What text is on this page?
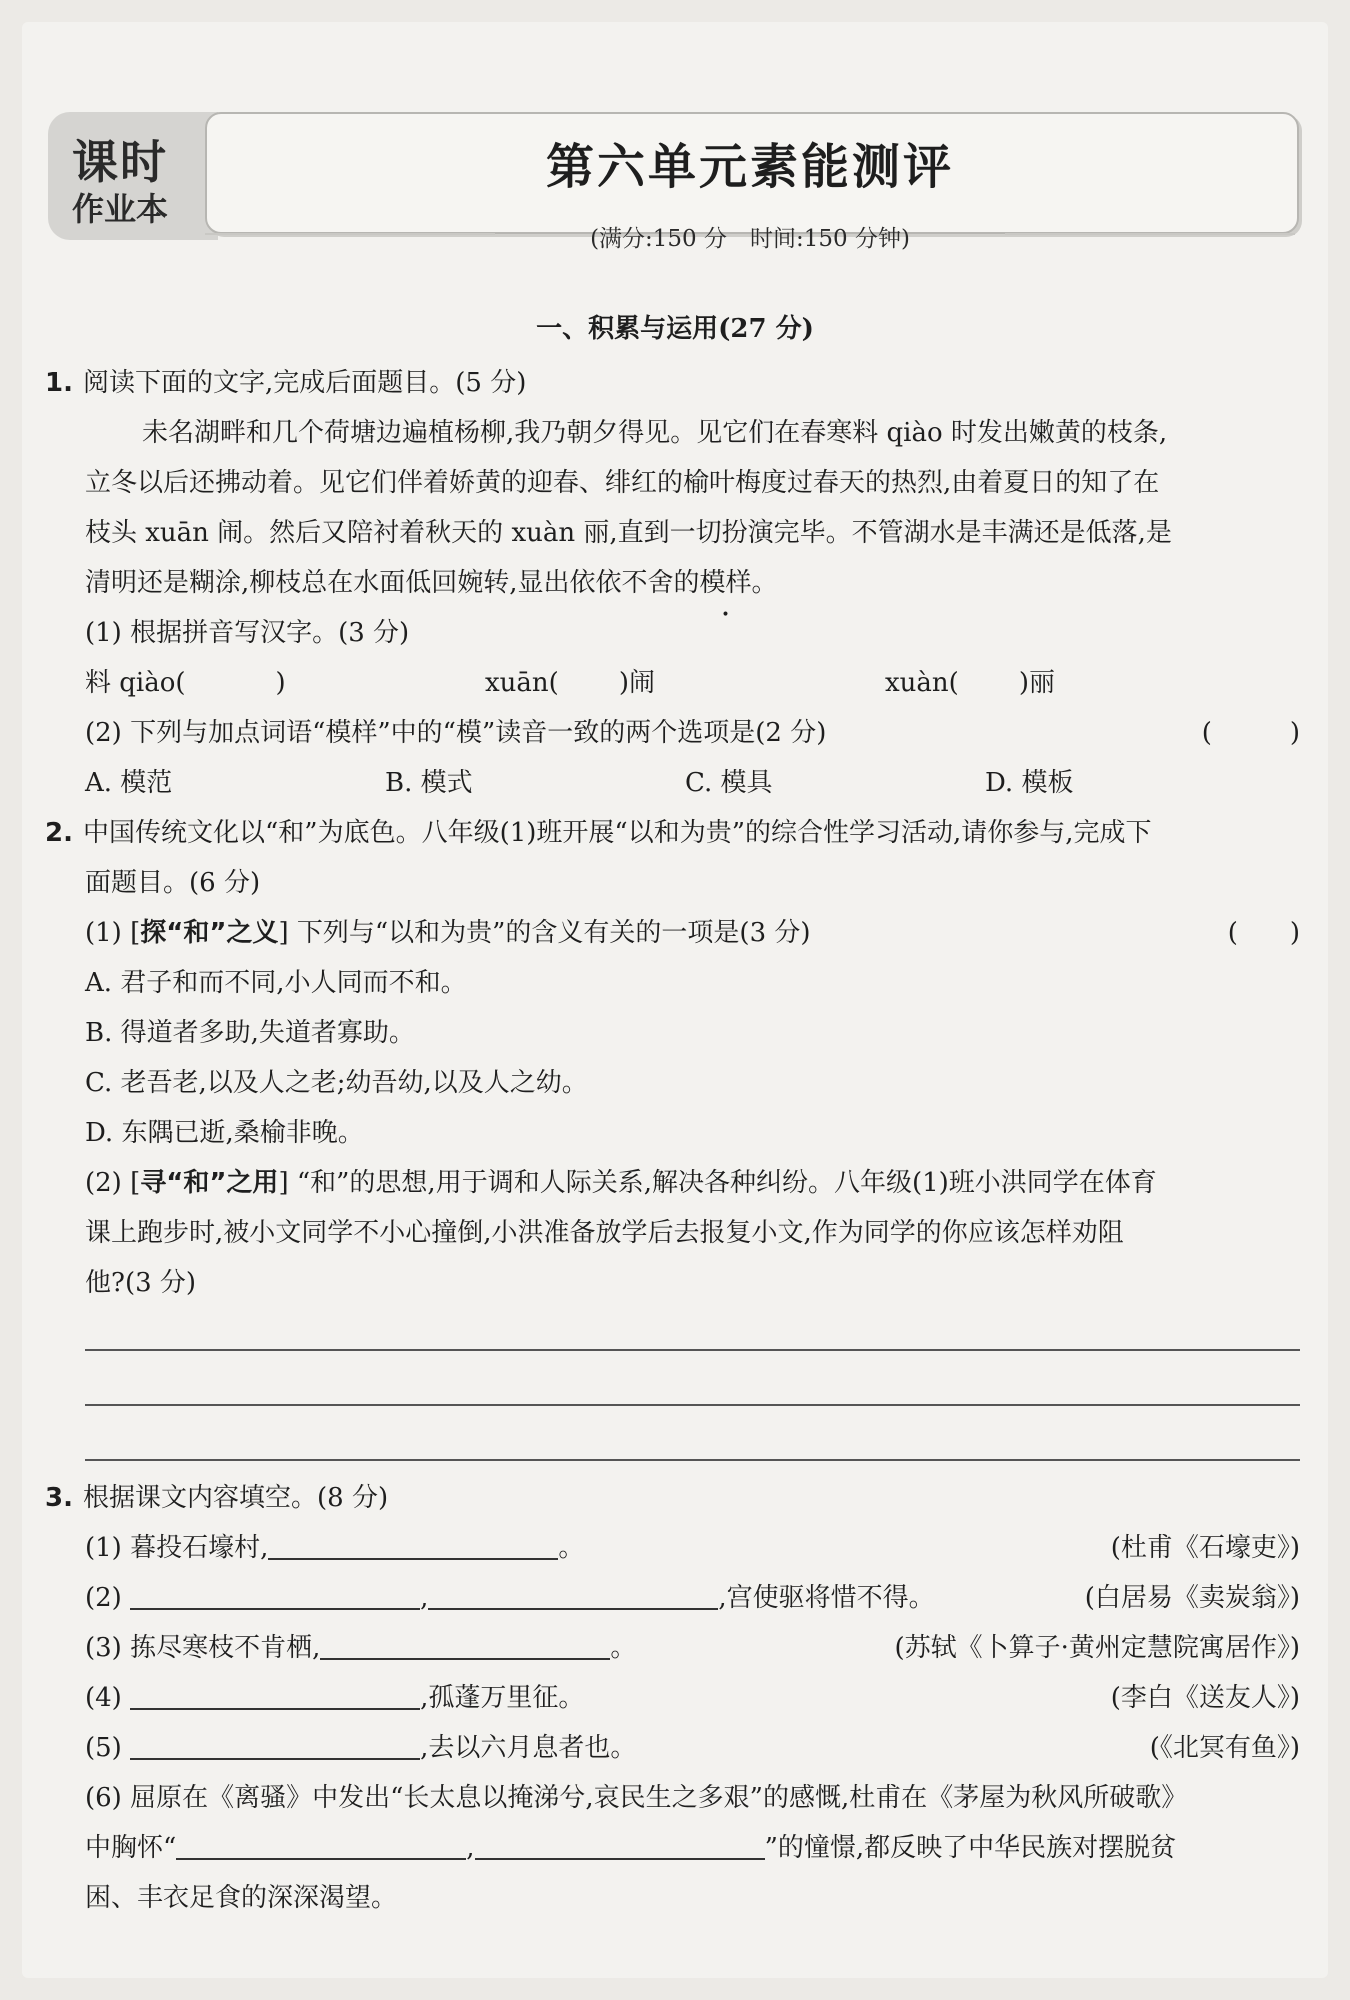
课时
作业本
第六单元素能测评
(满分:150 分　时间:150 分钟)
一、积累与运用(27 分)
1. 阅读下面的文字,完成后面题目。(5 分)
未名湖畔和几个荷塘边遍植杨柳,我乃朝夕得见。见它们在春寒料 qiào 时发出嫩黄的枝条,
立冬以后还拂动着。见它们伴着娇黄的迎春、绯红的榆叶梅度过春天的热烈,由着夏日的知了在
枝头 xuān 闹。然后又陪衬着秋天的 xuàn 丽,直到一切扮演完毕。不管湖水是丰满还是低落,是
清明还是糊涂,柳枝总在水面低回婉转,显出依依不舍的模样。
(1) 根据拼音写汉字。(3 分)
料 qiào(	)	xuān( )闹	xuàn( )丽
(2) 下列与加点词语“模样”中的“模”读音一致的两个选项是(2 分)	(　　　)
A. 模范	B. 模式	C. 模具	D. 模板
2. 中国传统文化以“和”为底色。八年级(1)班开展“以和为贵”的综合性学习活动,请你参与,完成下
面题目。(6 分)
(1) [探“和”之义] 下列与“以和为贵”的含义有关的一项是(3 分)	(　　)
A. 君子和而不同,小人同而不和。
B. 得道者多助,失道者寡助。
C. 老吾老,以及人之老;幼吾幼,以及人之幼。
D. 东隅已逝,桑榆非晚。
(2) [寻“和”之用] “和”的思想,用于调和人际关系,解决各种纠纷。八年级(1)班小洪同学在体育
课上跑步时,被小文同学不小心撞倒,小洪准备放学后去报复小文,作为同学的你应该怎样劝阻
他?(3 分)
3. 根据课文内容填空。(8 分)
(1) 暮投石壕村,	。	(杜甫《石壕吏》)
(2)	,	,宫使驱将惜不得。	(白居易《卖炭翁》)
(3) 拣尽寒枝不肯栖,	。	(苏轼《卜算子·黄州定慧院寓居作》)
(4)	,孤蓬万里征。	(李白《送友人》)
(5)	,去以六月息者也。	(《北冥有鱼》)
(6) 屈原在《离骚》中发出“长太息以掩涕兮,哀民生之多艰”的感慨,杜甫在《茅屋为秋风所破歌》
中胸怀“	,	”的憧憬,都反映了中华民族对摆脱贫
困、丰衣足食的深深渴望。
